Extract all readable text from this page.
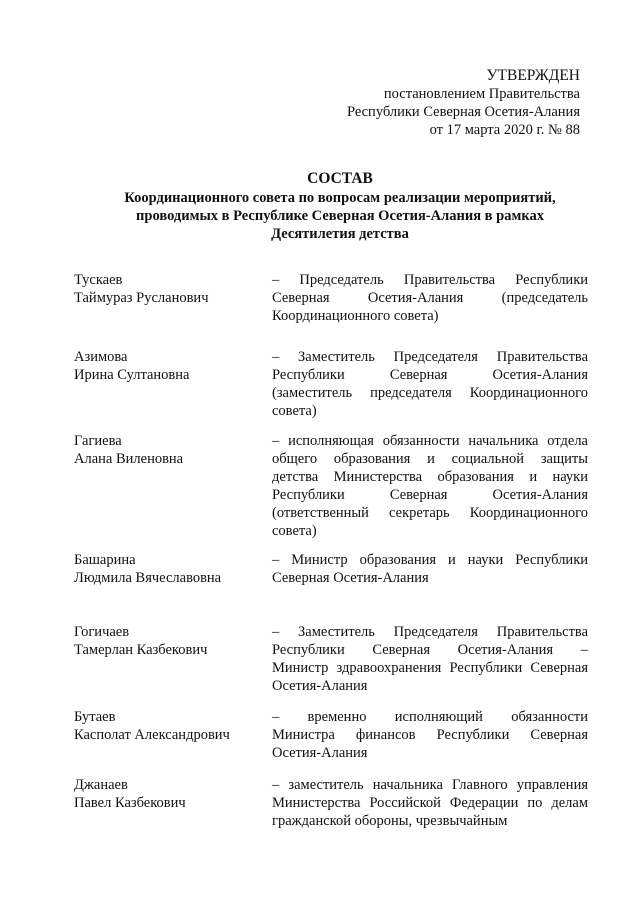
УТВЕРЖДЕН
постановлением Правительства
Республики Северная Осетия-Алания
от 17 марта 2020 г. № 88
СОСТАВ
Координационного совета по вопросам реализации мероприятий,
проводимых в Республике Северная Осетия-Алания в рамках
Десятилетия детства
Тускаев
Таймураз Русланович
– Председатель Правительства Республики
Северная Осетия-Алания (председатель
Координационного совета)
Азимова
Ирина Султановна
– Заместитель Председателя Правительства
Республики Северная Осетия-Алания
(заместитель председателя Координационного
совета)
Гагиева
Алана Виленовна
– исполняющая обязанности начальника отдела
общего образования и социальной защиты
детства Министерства образования и науки
Республики Северная Осетия-Алания
(ответственный секретарь Координационного
совета)
Башарина
Людмила Вячеславовна
– Министр образования и науки Республики
Северная Осетия-Алания
Гогичаев
Тамерлан Казбекович
– Заместитель Председателя Правительства
Республики Северная Осетия-Алания –
Министр здравоохранения Республики Северная
Осетия-Алания
Бутаев
Касполат Александрович
– временно исполняющий обязанности
Министра финансов Республики Северная
Осетия-Алания
Джанаев
Павел Казбекович
– заместитель начальника Главного управления
Министерства Российской Федерации по делам
гражданской обороны, чрезвычайным
